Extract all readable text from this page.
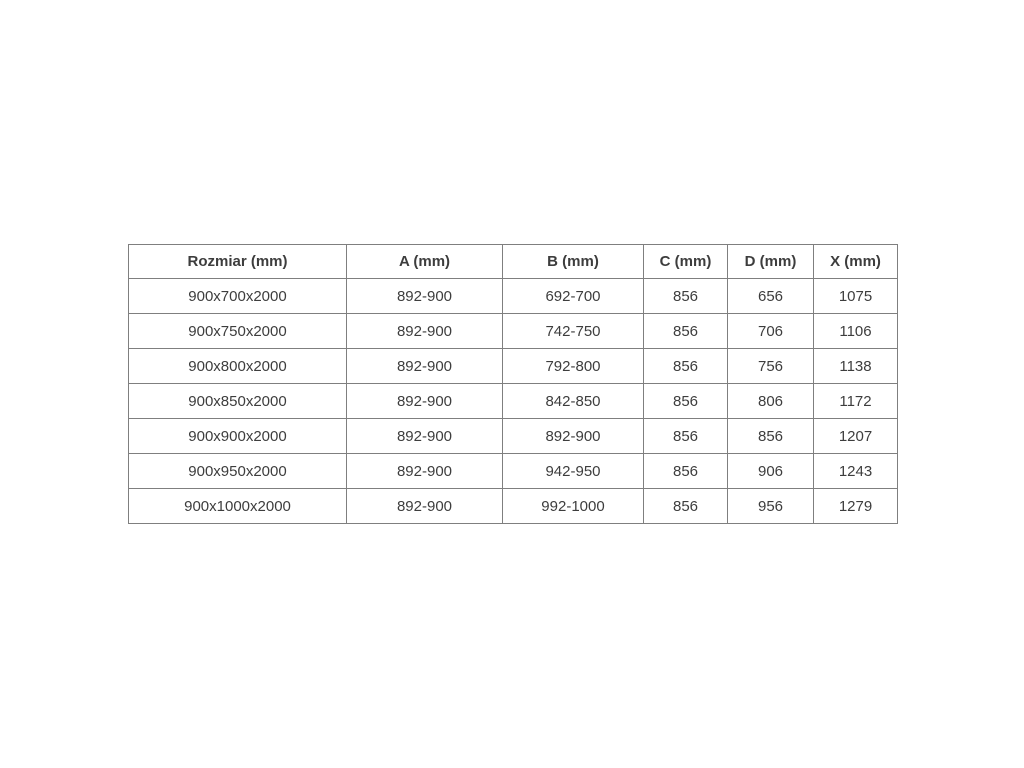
Rozmiar (mm)	A (mm)	B (mm)	C (mm)	D (mm)	X (mm)
900x700x2000	892-900	692-700	856	656	1075
900x750x2000	892-900	742-750	856	706	1106
900x800x2000	892-900	792-800	856	756	1138
900x850x2000	892-900	842-850	856	806	1172
900x900x2000	892-900	892-900	856	856	1207
900x950x2000	892-900	942-950	856	906	1243
900x1000x2000	892-900	992-1000	856	956	1279
